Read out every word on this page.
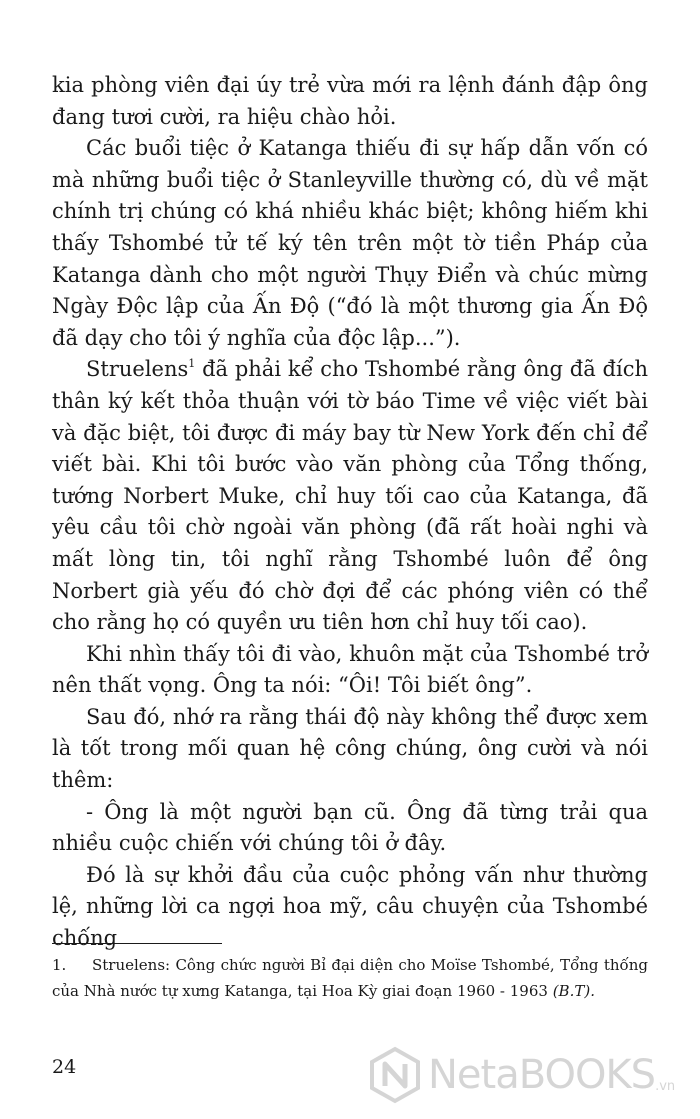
kia phòng viên đại úy trẻ vừa mới ra lệnh đánh đập ông đang tươi cười, ra hiệu chào hỏi.

Các buổi tiệc ở Katanga thiếu đi sự hấp dẫn vốn có mà những buổi tiệc ở Stanleyville thường có, dù về mặt chính trị chúng có khá nhiều khác biệt; không hiếm khi thấy Tshombé tử tế ký tên trên một tờ tiền Pháp của Katanga dành cho một người Thụy Điển và chúc mừng Ngày Độc lập của Ấn Độ (“đó là một thương gia Ấn Độ đã dạy cho tôi ý nghĩa của độc lập...”).

Struelens$^1$ đã phải kể cho Tshombé rằng ông đã đích thân ký kết thỏa thuận với tờ báo Time về việc viết bài và đặc biệt, tôi được đi máy bay từ New York đến chỉ để viết bài. Khi tôi bước vào văn phòng của Tổng thống, tướng Norbert Muke, chỉ huy tối cao của Katanga, đã yêu cầu tôi chờ ngoài văn phòng (đã rất hoài nghi và mất lòng tin, tôi nghĩ rằng Tshombé luôn để ông Norbert già yếu đó chờ đợi để các phóng viên có thể cho rằng họ có quyền ưu tiên hơn chỉ huy tối cao).

Khi nhìn thấy tôi đi vào, khuôn mặt của Tshombé trở nên thất vọng. Ông ta nói: “Ôi! Tôi biết ông”.

Sau đó, nhớ ra rằng thái độ này không thể được xem là tốt trong mối quan hệ công chúng, ông cười và nói thêm:

- Ông là một người bạn cũ. Ông đã từng trải qua nhiều cuộc chiến với chúng tôi ở đây.

Đó là sự khởi đầu của cuộc phỏng vấn như thường lệ, những lời ca ngợi hoa mỹ, câu chuyện của Tshombé chống

1. Struelens: Công chức người Bỉ đại diện cho Moïse Tshombé, Tổng thống của Nhà nước tự xưng Katanga, tại Hoa Kỳ giai đoạn 1960 - 1963 (B.T).

24	NetaBOOKS .vn
